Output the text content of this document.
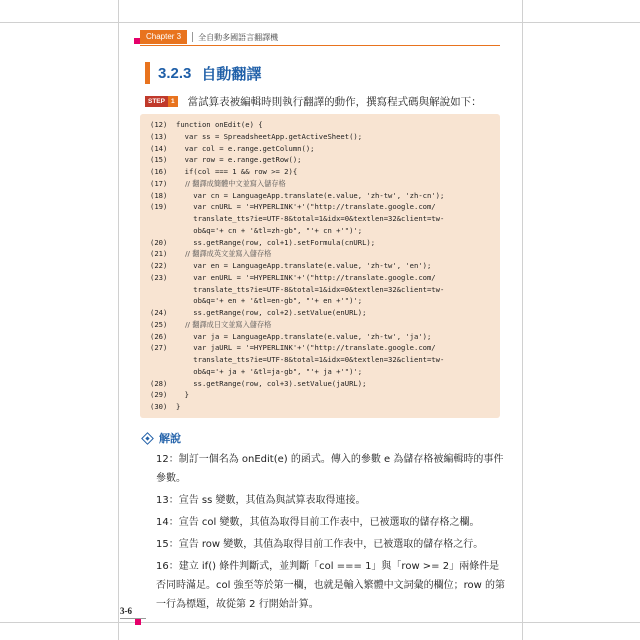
Chapter 3	全自動多國語言翻譯機
3.2.3 自動翻譯
STEP 1 當試算表被編輯時則執行翻譯的動作，撰寫程式碼與解說如下：
(12)	function onEdit(e) {
(13)	var ss = SpreadsheetApp.getActiveSheet();
(14)	var col = e.range.getColumn();
(15)	var row = e.range.getRow();
(16)	if(col === 1 && row >= 2){
(17)	// 翻譯成簡體中文並寫入儲存格
(18)	var cn = LanguageApp.translate(e.value, 'zh-tw', 'zh-cn');
(19)	var cnURL = '=HYPERLINK'+'("http://translate.google.com/
translate_tts?ie=UTF-8&total=1&idx=0&textlen=32&client=tw-
ob&q='+ cn + '&tl=zh-gb", "'+ cn +'")';
(20)	ss.getRange(row, col+1).setFormula(cnURL);
(21)	// 翻譯成英文並寫入儲存格
(22)	var en = LanguageApp.translate(e.value, 'zh-tw', 'en');
(23)	var enURL = '=HYPERLINK'+'("http://translate.google.com/
translate_tts?ie=UTF-8&total=1&idx=0&textlen=32&client=tw-
ob&q='+ en + '&tl=en-gb", "'+ en +'")';
(24)	ss.getRange(row, col+2).setValue(enURL);
(25)	// 翻譯成日文並寫入儲存格
(26)	var ja = LanguageApp.translate(e.value, 'zh-tw', 'ja');
(27)	var jaURL = '=HYPERLINK'+'("http://translate.google.com/
translate_tts?ie=UTF-8&total=1&idx=0&textlen=32&client=tw-
ob&q='+ ja + '&tl=ja-gb", "'+ ja +'")';
(28)	ss.getRange(row, col+3).setValue(jaURL);
(29)	}
(30)	}
解說
12：制訂一個名為 onEdit(e) 的函式。傳入的參數 e 為儲存格被編輯時的事件參數。
13：宣告 ss 變數，其值為與試算表取得連接。
14：宣告 col 變數，其值為取得目前工作表中，已被選取的儲存格之欄。
15：宣告 row 變數，其值為取得目前工作表中，已被選取的儲存格之行。
16：建立 if() 條件判斷式，並判斷「col === 1」與「row >= 2」兩條件是否同時滿足。col 強至等於第一欄，也就是輸入繁體中文詞彙的欄位；row 的第一行為標題，故從第 2 行開始計算。
3-6
